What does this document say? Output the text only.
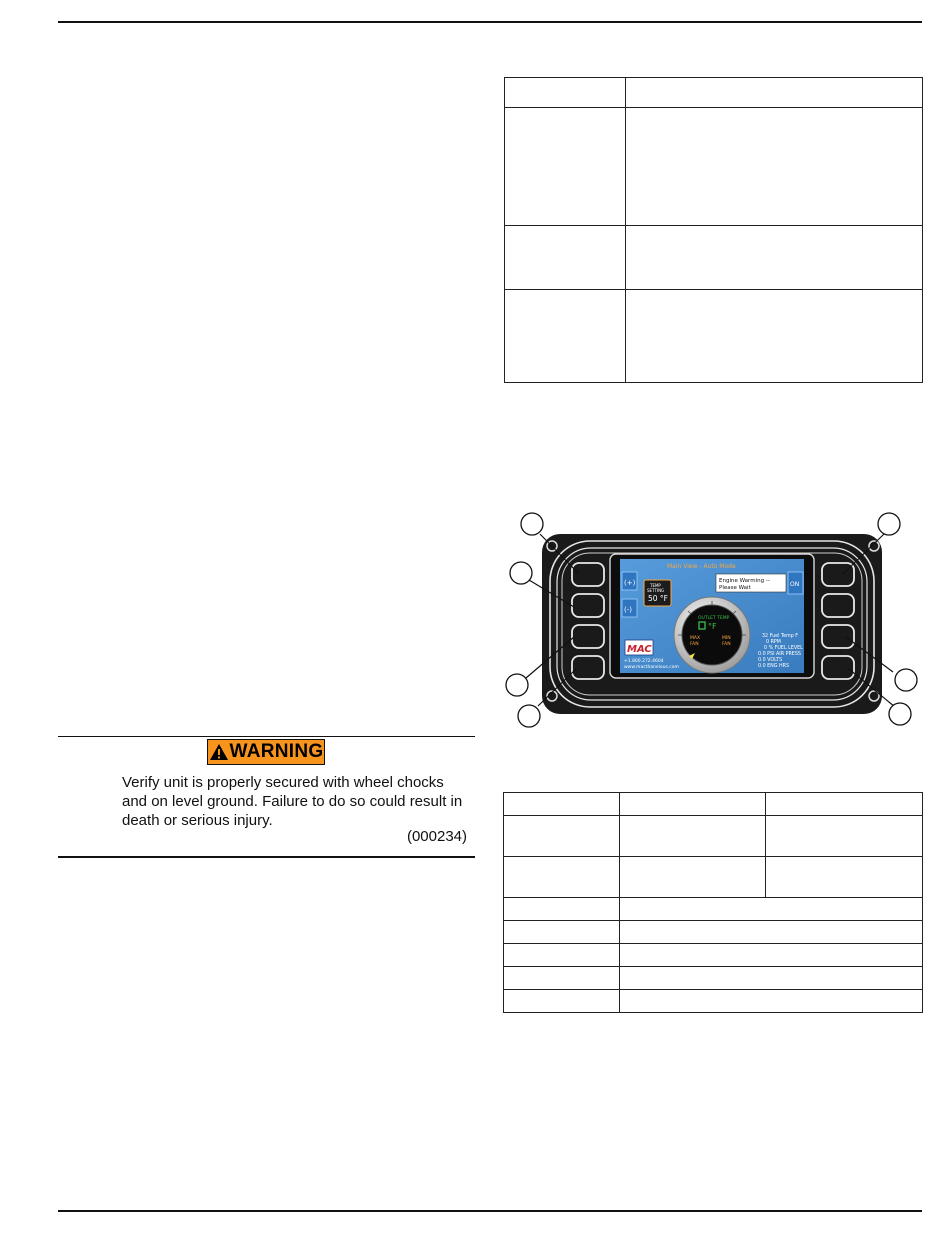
Main View - Auto Mode
(+)
(-)
TEMP
SETTING
50 °F
Engine Warming --
Please Wait	ON
OUTLET TEMP
°F
MAX
FAN
MIN
FAN
MAC
+1.800.272.4604
www.macthaneious.com
32 Fuel Temp F
0 RPM
0 % FUEL LEVEL
0.0 PSI AIR PRESS
0.0 VOLTS
0.0 ENG HRS
WARNING
Verify unit is properly secured with wheel chocks and on level ground. Failure to do so could result in death or serious injury.
(000234)
